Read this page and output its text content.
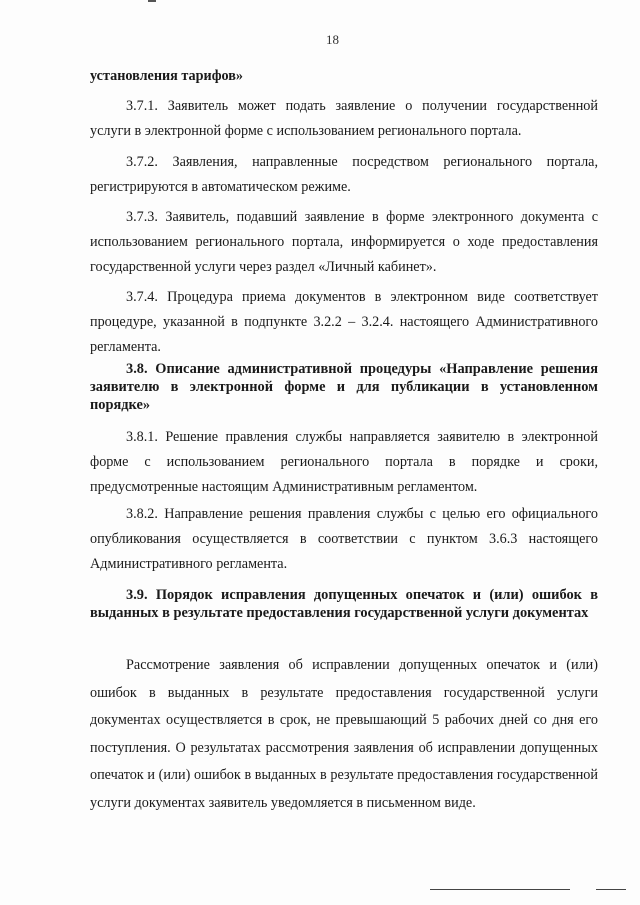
18
установления тарифов»
3.7.1. Заявитель может подать заявление о получении государственной услуги в электронной форме с использованием регионального портала.
3.7.2. Заявления, направленные посредством регионального портала, регистрируются в автоматическом режиме.
3.7.3. Заявитель, подавший заявление в форме электронного документа с использованием регионального портала, информируется о ходе предоставления государственной услуги через раздел «Личный кабинет».
3.7.4. Процедура приема документов в электронном виде соответствует процедуре, указанной в подпункте 3.2.2 – 3.2.4. настоящего Административного регламента.
3.8. Описание административной процедуры «Направление решения заявителю в электронной форме и для публикации в установленном порядке»
3.8.1. Решение правления службы направляется заявителю в электронной форме с использованием регионального портала в порядке и сроки, предусмотренные настоящим Административным регламентом.
3.8.2. Направление решения правления службы с целью его официального опубликования осуществляется в соответствии с пунктом 3.6.3 настоящего Административного регламента.
3.9. Порядок исправления допущенных опечаток и (или) ошибок в выданных в результате предоставления государственной услуги документах
Рассмотрение заявления об исправлении допущенных опечаток и (или) ошибок в выданных в результате предоставления государственной услуги документах осуществляется в срок, не превышающий 5 рабочих дней со дня его поступления. О результатах рассмотрения заявления об исправлении допущенных опечаток и (или) ошибок в выданных в результате предоставления государственной услуги документах заявитель уведомляется в письменном виде.
